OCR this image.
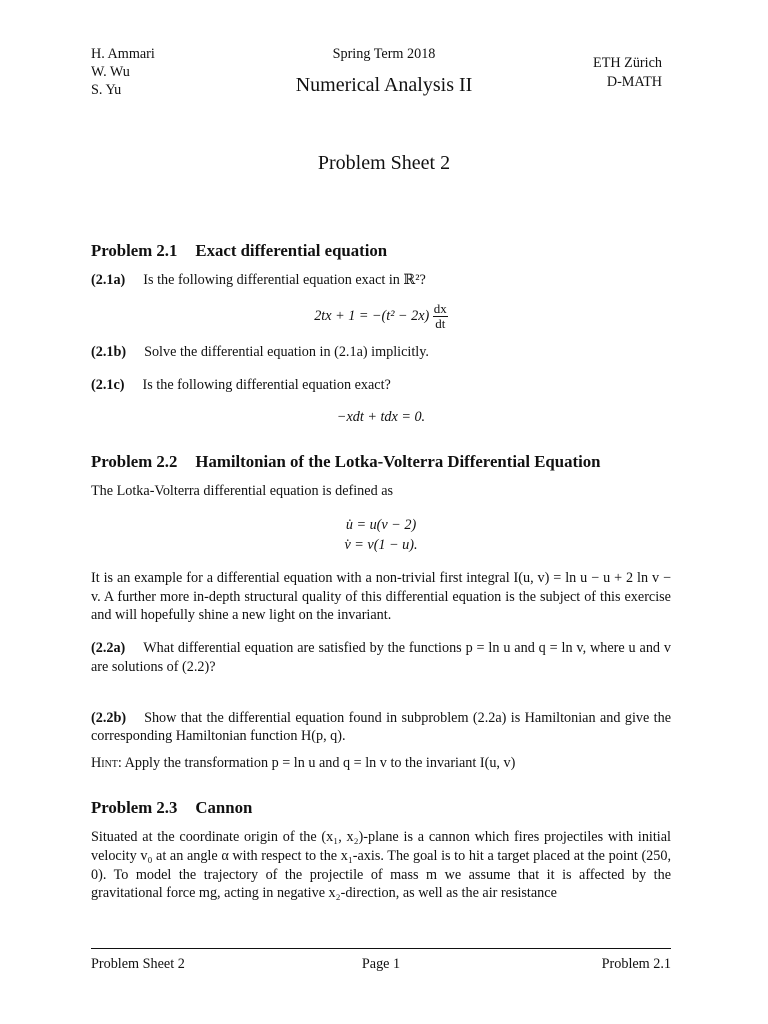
H. Ammari
W. Wu
S. Yu
Spring Term 2018
Numerical Analysis II
ETH Zürich
D-MATH
Problem Sheet 2
Problem 2.1 Exact differential equation

(2.1a) Is the following differential equation exact in ℝ²?

$2tx + 1 = -(t^2 - 2x) \frac{dx}{dt}$

(2.1b) Solve the differential equation in (2.1a) implicitly.

(2.1c) Is the following differential equation exact?

−xdt + tdx = 0.
Problem 2.2 Hamiltonian of the Lotka-Volterra Differential Equation

The Lotka-Volterra differential equation is defined as

u̇ = u(v − 2)
v̇ = v(1 − u).

It is an example for a differential equation with a non-trivial first integral I(u, v) = ln u − u + 2 ln v − v. A further more in-depth structural quality of this differential equation is the subject of this exercise and will hopefully shine a new light on the invariant.

(2.2a) What differential equation are satisfied by the functions p = ln u and q = ln v, where u and v are solutions of (2.2)?

(2.2b) Show that the differential equation found in subproblem (2.2a) is Hamiltonian and give the corresponding Hamiltonian function H(p, q).

Hint: Apply the transformation p = ln u and q = ln v to the invariant I(u, v)

Problem 2.3 Cannon

Situated at the coordinate origin of the (x₁, x₂)-plane is a cannon which fires projectiles with initial velocity v₀ at an angle α with respect to the x₁-axis. The goal is to hit a target placed at the point (250, 0). To model the trajectory of the projectile of mass m we assume that it is affected by the gravitational force mg, acting in negative x₂-direction, as well as the air resistance

Problem Sheet 2	Page 1	Problem 2.1
